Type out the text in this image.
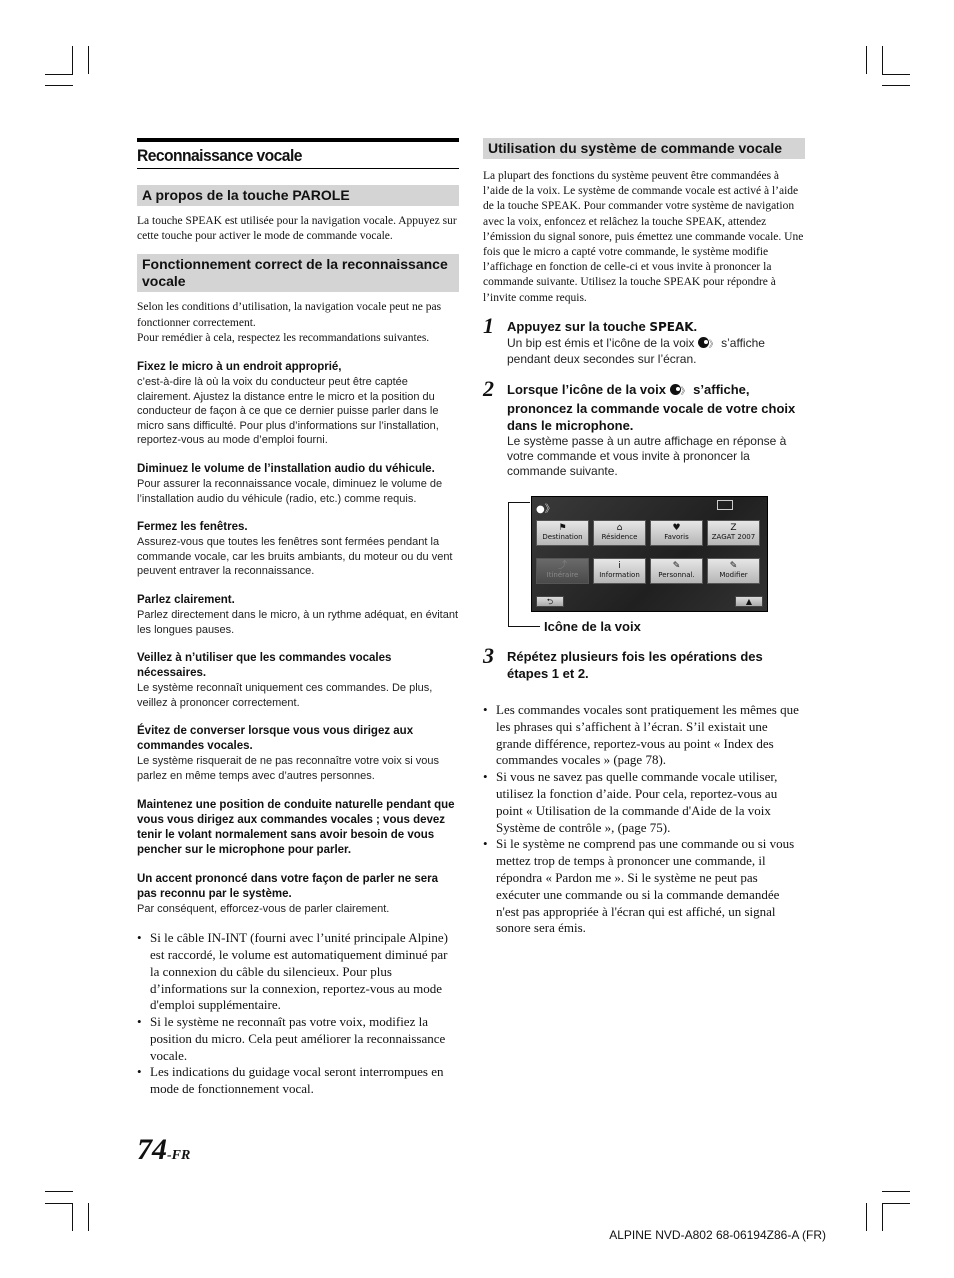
Reconnaissance vocale
A propos de la touche PAROLE
La touche SPEAK est utilisée pour la navigation vocale. Appuyez sur cette touche pour activer le mode de commande vocale.
Fonctionnement correct de la reconnaissance vocale
Selon les conditions d’utilisation, la navigation vocale peut ne pas fonctionner correctement.
Pour remédier à cela, respectez les recommandations suivantes.
Fixez le micro à un endroit approprié,
c’est-à-dire là où la voix du conducteur peut être captée clairement. Ajustez la distance entre le micro et la position du conducteur de façon à ce que ce dernier puisse parler dans le micro sans difficulté. Pour plus d’informations sur l’installation, reportez-vous au mode d’emploi fourni.
Diminuez le volume de l’installation audio du véhicule.
Pour assurer la reconnaissance vocale, diminuez le volume de l’installation audio du véhicule (radio, etc.) comme requis.
Fermez les fenêtres.
Assurez-vous que toutes les fenêtres sont fermées pendant la commande vocale, car les bruits ambiants, du moteur ou du vent peuvent entraver la reconnaissance.
Parlez clairement.
Parlez directement dans le micro, à un rythme adéquat, en évitant les longues pauses.
Veillez à n’utiliser que les commandes vocales nécessaires.
Le système reconnaît uniquement ces commandes. De plus, veillez à prononcer correctement.
Évitez de converser lorsque vous vous dirigez aux commandes vocales.
Le système risquerait de ne pas reconnaître votre voix si vous parlez en même temps avec d’autres personnes.
Maintenez une position de conduite naturelle pendant que vous vous dirigez aux commandes vocales ; vous devez tenir le volant normalement sans avoir besoin de vous pencher sur le microphone pour parler.
Un accent prononcé dans votre façon de parler ne sera pas reconnu par le système.
Par conséquent, efforcez-vous de parler clairement.
• Si le câble IN-INT (fourni avec l’unité principale Alpine) est raccordé, le volume est automatiquement diminué par la connexion du câble du silencieux. Pour plus d’informations sur la connexion, reportez-vous au mode d'emploi supplémentaire.
• Si le système ne reconnaît pas votre voix, modifiez la position du micro. Cela peut améliorer la reconnaissance vocale.
• Les indications du guidage vocal seront interrompues en mode de fonctionnement vocal.
Utilisation du système de commande vocale
La plupart des fonctions du système peuvent être commandées à l’aide de la voix. Le système de commande vocale est activé à l’aide de la touche SPEAK. Pour commander votre système de navigation avec la voix, enfoncez et relâchez la touche SPEAK, attendez l’émission du signal sonore, puis émettez une commande vocale. Une fois que le micro a capté votre commande, le système modifie l’affichage en fonction de celle-ci et vous invite à prononcer la commande suivante. Utilisez la touche SPEAK pour répondre à l’invite comme requis.
1 Appuyez sur la touche SPEAK.
Un bip est émis et l’icône de la voix 》 s’affiche pendant deux secondes sur l’écran.
2 Lorsque l’icône de la voix 》 s’affiche, prononcez la commande vocale de votre choix dans le microphone.
Le système passe à un autre affichage en réponse à votre commande et vous invite à prononcer la commande suivante.
●》
⚑
Destination
⌂
Résidence
♥
Favoris
Z
ZAGAT 2007
⤴
Itinéraire
i
Information
✎
Personnal.
✎
Modifier
⮌	▲
Icône de la voix
3 Répétez plusieurs fois les opérations des étapes 1 et 2.
• Les commandes vocales sont pratiquement les mêmes que les phrases qui s’affichent à l’écran. S’il existait une grande différence, reportez-vous au point « Index des commandes vocales » (page 78).
• Si vous ne savez pas quelle commande vocale utiliser, utilisez la fonction d’aide. Pour cela, reportez-vous au point « Utilisation de la commande d'Aide de la voix Système de contrôle », (page 75).
• Si le système ne comprend pas une commande ou si vous mettez trop de temps à prononcer une commande, il répondra « Pardon me ». Si le système ne peut pas exécuter une commande ou si la commande demandée n'est pas appropriée à l'écran qui est affiché, un signal sonore sera émis.
74-FR
ALPINE NVD-A802 68-06194Z86-A (FR)
